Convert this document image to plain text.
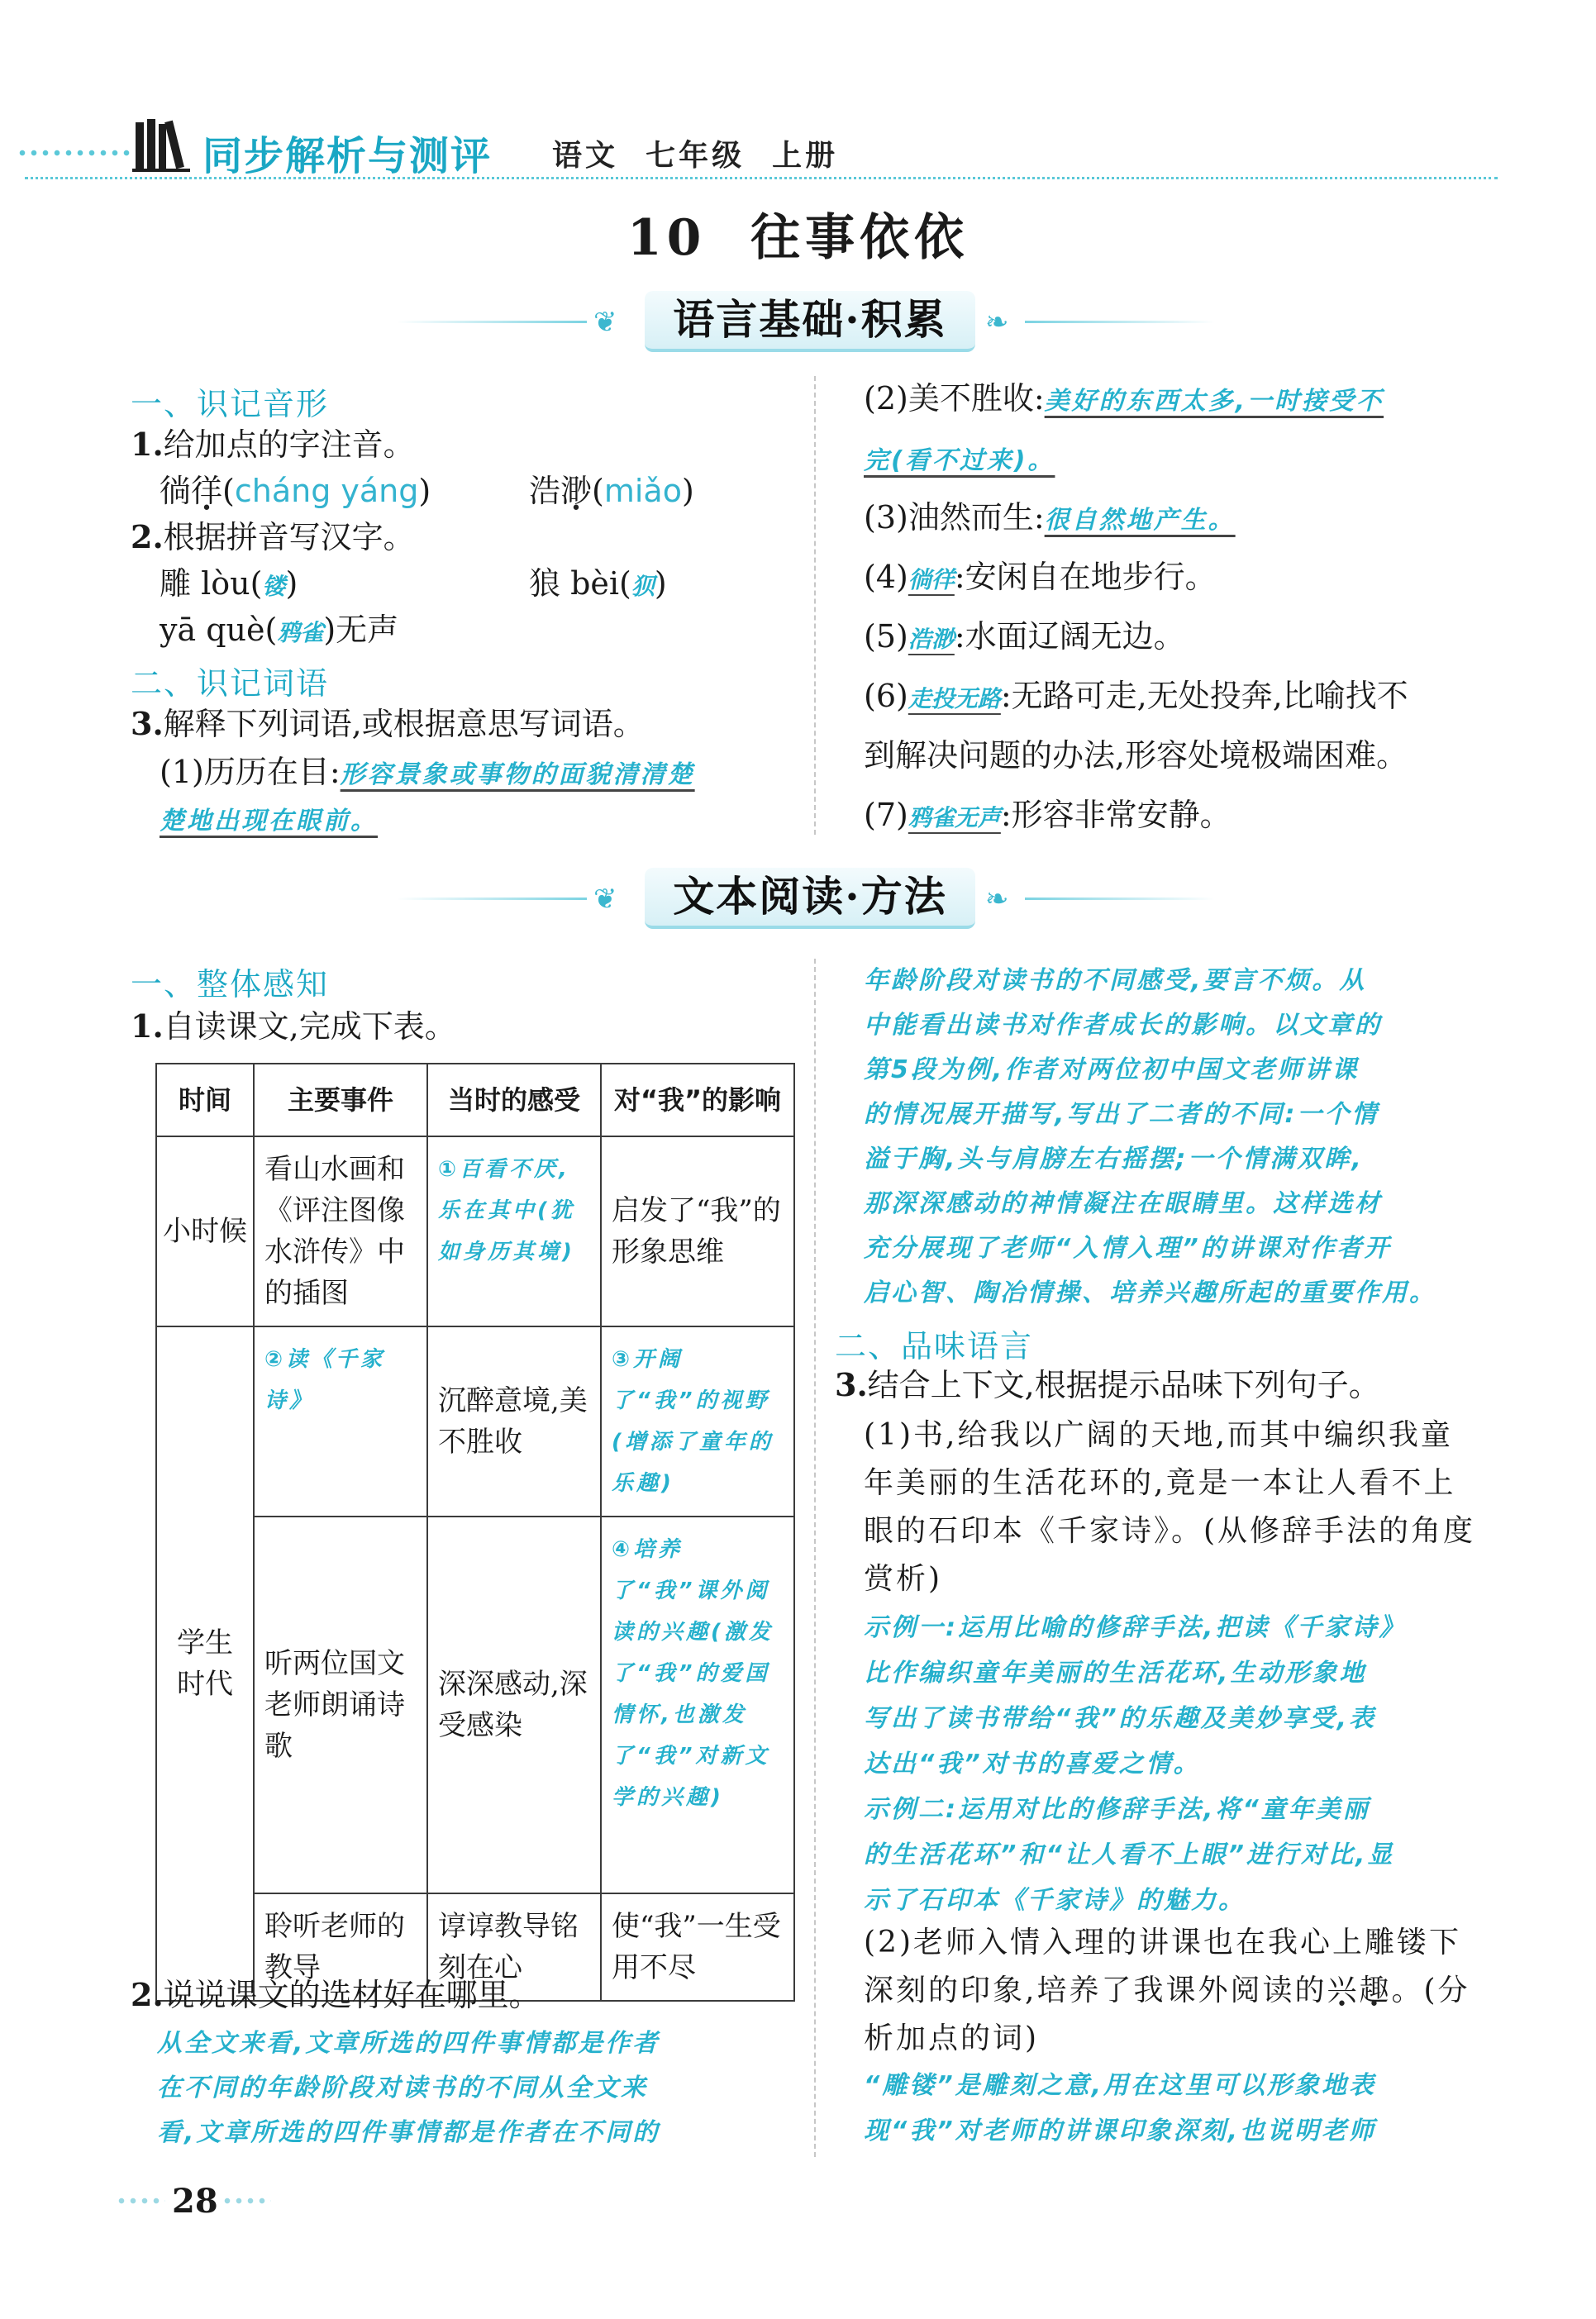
同步解析与测评 语文  七年级  上册
10  往事依依
❦	语言基础·积累	❧
一、识记音形
1.给加点的字注音。
徜徉(cháng yáng)	浩渺(miǎo)
2.根据拼音写汉字。
雕 lòu(镂)	狼 bèi(狈)
yā què(鸦雀)无声
二、识记词语
3.解释下列词语,或根据意思写词语。
(1)历历在目:形容景象或事物的面貌清清楚
楚地出现在眼前。
(2)美不胜收:美好的东西太多,一时接受不
完(看不过来)。
(3)油然而生:很自然地产生。
(4)徜徉:安闲自在地步行。
(5)浩渺:水面辽阔无边。
(6)走投无路:无路可走,无处投奔,比喻找不
到解决问题的办法,形容处境极端困难。
(7)鸦雀无声:形容非常安静。
❦	文本阅读·方法	❧
一、整体感知
1.自读课文,完成下表。
时间	主要事件	当时的感受	对“我”的影响
小时候	看山水画和《评注图像水浒传》中的插图	①百看不厌,乐在其中(犹如身历其境)	启发了“我”的形象思维
学生时代	②读《千家诗》	沉醉意境,美不胜收	③开阔了“我”的视野(增添了童年的乐趣)
	听两位国文老师朗诵诗歌	深深感动,深受感染	④培养了“我”课外阅读的兴趣(激发了“我”的爱国情怀,也激发了“我”对新文学的兴趣)
	聆听老师的教导	谆谆教导铭刻在心	使“我”一生受用不尽
2.说说课文的选材好在哪里。
从全文来看,文章所选的四件事情都是作者
在不同的年龄阶段对读书的不同从全文来
看,文章所选的四件事情都是作者在不同的
年龄阶段对读书的不同感受,要言不烦。从
中能看出读书对作者成长的影响。以文章的
第5段为例,作者对两位初中国文老师讲课
的情况展开描写,写出了二者的不同:一个情
溢于胸,头与肩膀左右摇摆;一个情满双眸,
那深深感动的神情凝注在眼睛里。这样选材
充分展现了老师“入情入理”的讲课对作者开
启心智、陶冶情操、培养兴趣所起的重要作用。
二、品味语言
3.结合上下文,根据提示品味下列句子。
(1)书,给我以广阔的天地,而其中编织我童
年美丽的生活花环的,竟是一本让人看不上
眼的石印本《千家诗》。(从修辞手法的角度
赏析)
示例一:运用比喻的修辞手法,把读《千家诗》
比作编织童年美丽的生活花环,生动形象地
写出了读书带给“我”的乐趣及美妙享受,表
达出“我”对书的喜爱之情。
示例二:运用对比的修辞手法,将“童年美丽
的生活花环”和“让人看不上眼”进行对比,显
示了石印本《千家诗》的魅力。
(2)老师入情入理的讲课也在我心上雕镂下
深刻的印象,培养了我课外阅读的兴趣。(分
析加点的词)
“雕镂”是雕刻之意,用在这里可以形象地表
现“我”对老师的讲课印象深刻,也说明老师
28
